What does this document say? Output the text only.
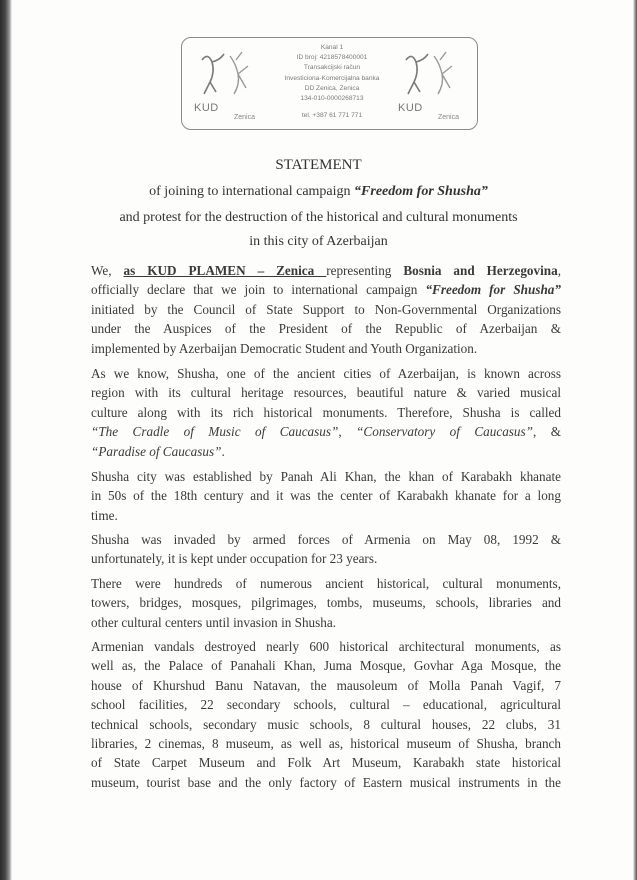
KUD
Zenica
Kanal 1
ID broj: 4218578400001
Transakcijski račun
Investiciona-Komercijalna banka
DD Zenica, Zenica
134-010-0000268713
tel. +387 61 771 771
KUD
Zenica
STATEMENT
of joining to international campaign “Freedom for Shusha”
and protest for the destruction of the historical and cultural monuments
in this city of Azerbaijan
We, as KUD PLAMEN – Zenica representing Bosnia and Herzegovina,
officially declare that we join to international campaign “Freedom for Shusha”
initiated by the Council of State Support to Non-Governmental Organizations
under the Auspices of the President of the Republic of Azerbaijan &
implemented by Azerbaijan Democratic Student and Youth Organization.
As we know, Shusha, one of the ancient cities of Azerbaijan, is known across
region with its cultural heritage resources, beautiful nature & varied musical
culture along with its rich historical monuments. Therefore, Shusha is called
“The Cradle of Music of Caucasus”, “Conservatory of Caucasus”, &
“Paradise of Caucasus”.
Shusha city was established by Panah Ali Khan, the khan of Karabakh khanate
in 50s of the 18th century and it was the center of Karabakh khanate for a long
time.
Shusha was invaded by armed forces of Armenia on May 08, 1992 &
unfortunately, it is kept under occupation for 23 years.
There were hundreds of numerous ancient historical, cultural monuments,
towers, bridges, mosques, pilgrimages, tombs, museums, schools, libraries and
other cultural centers until invasion in Shusha.
Armenian vandals destroyed nearly 600 historical architectural monuments, as
well as, the Palace of Panahali Khan, Juma Mosque, Govhar Aga Mosque, the
house of Khurshud Banu Natavan, the mausoleum of Molla Panah Vagif, 7
school facilities, 22 secondary schools, cultural – educational, agricultural
technical schools, secondary music schools, 8 cultural houses, 22 clubs, 31
libraries, 2 cinemas, 8 museum, as well as, historical museum of Shusha, branch
of State Carpet Museum and Folk Art Museum, Karabakh state historical
museum, tourist base and the only factory of Eastern musical instruments in the
